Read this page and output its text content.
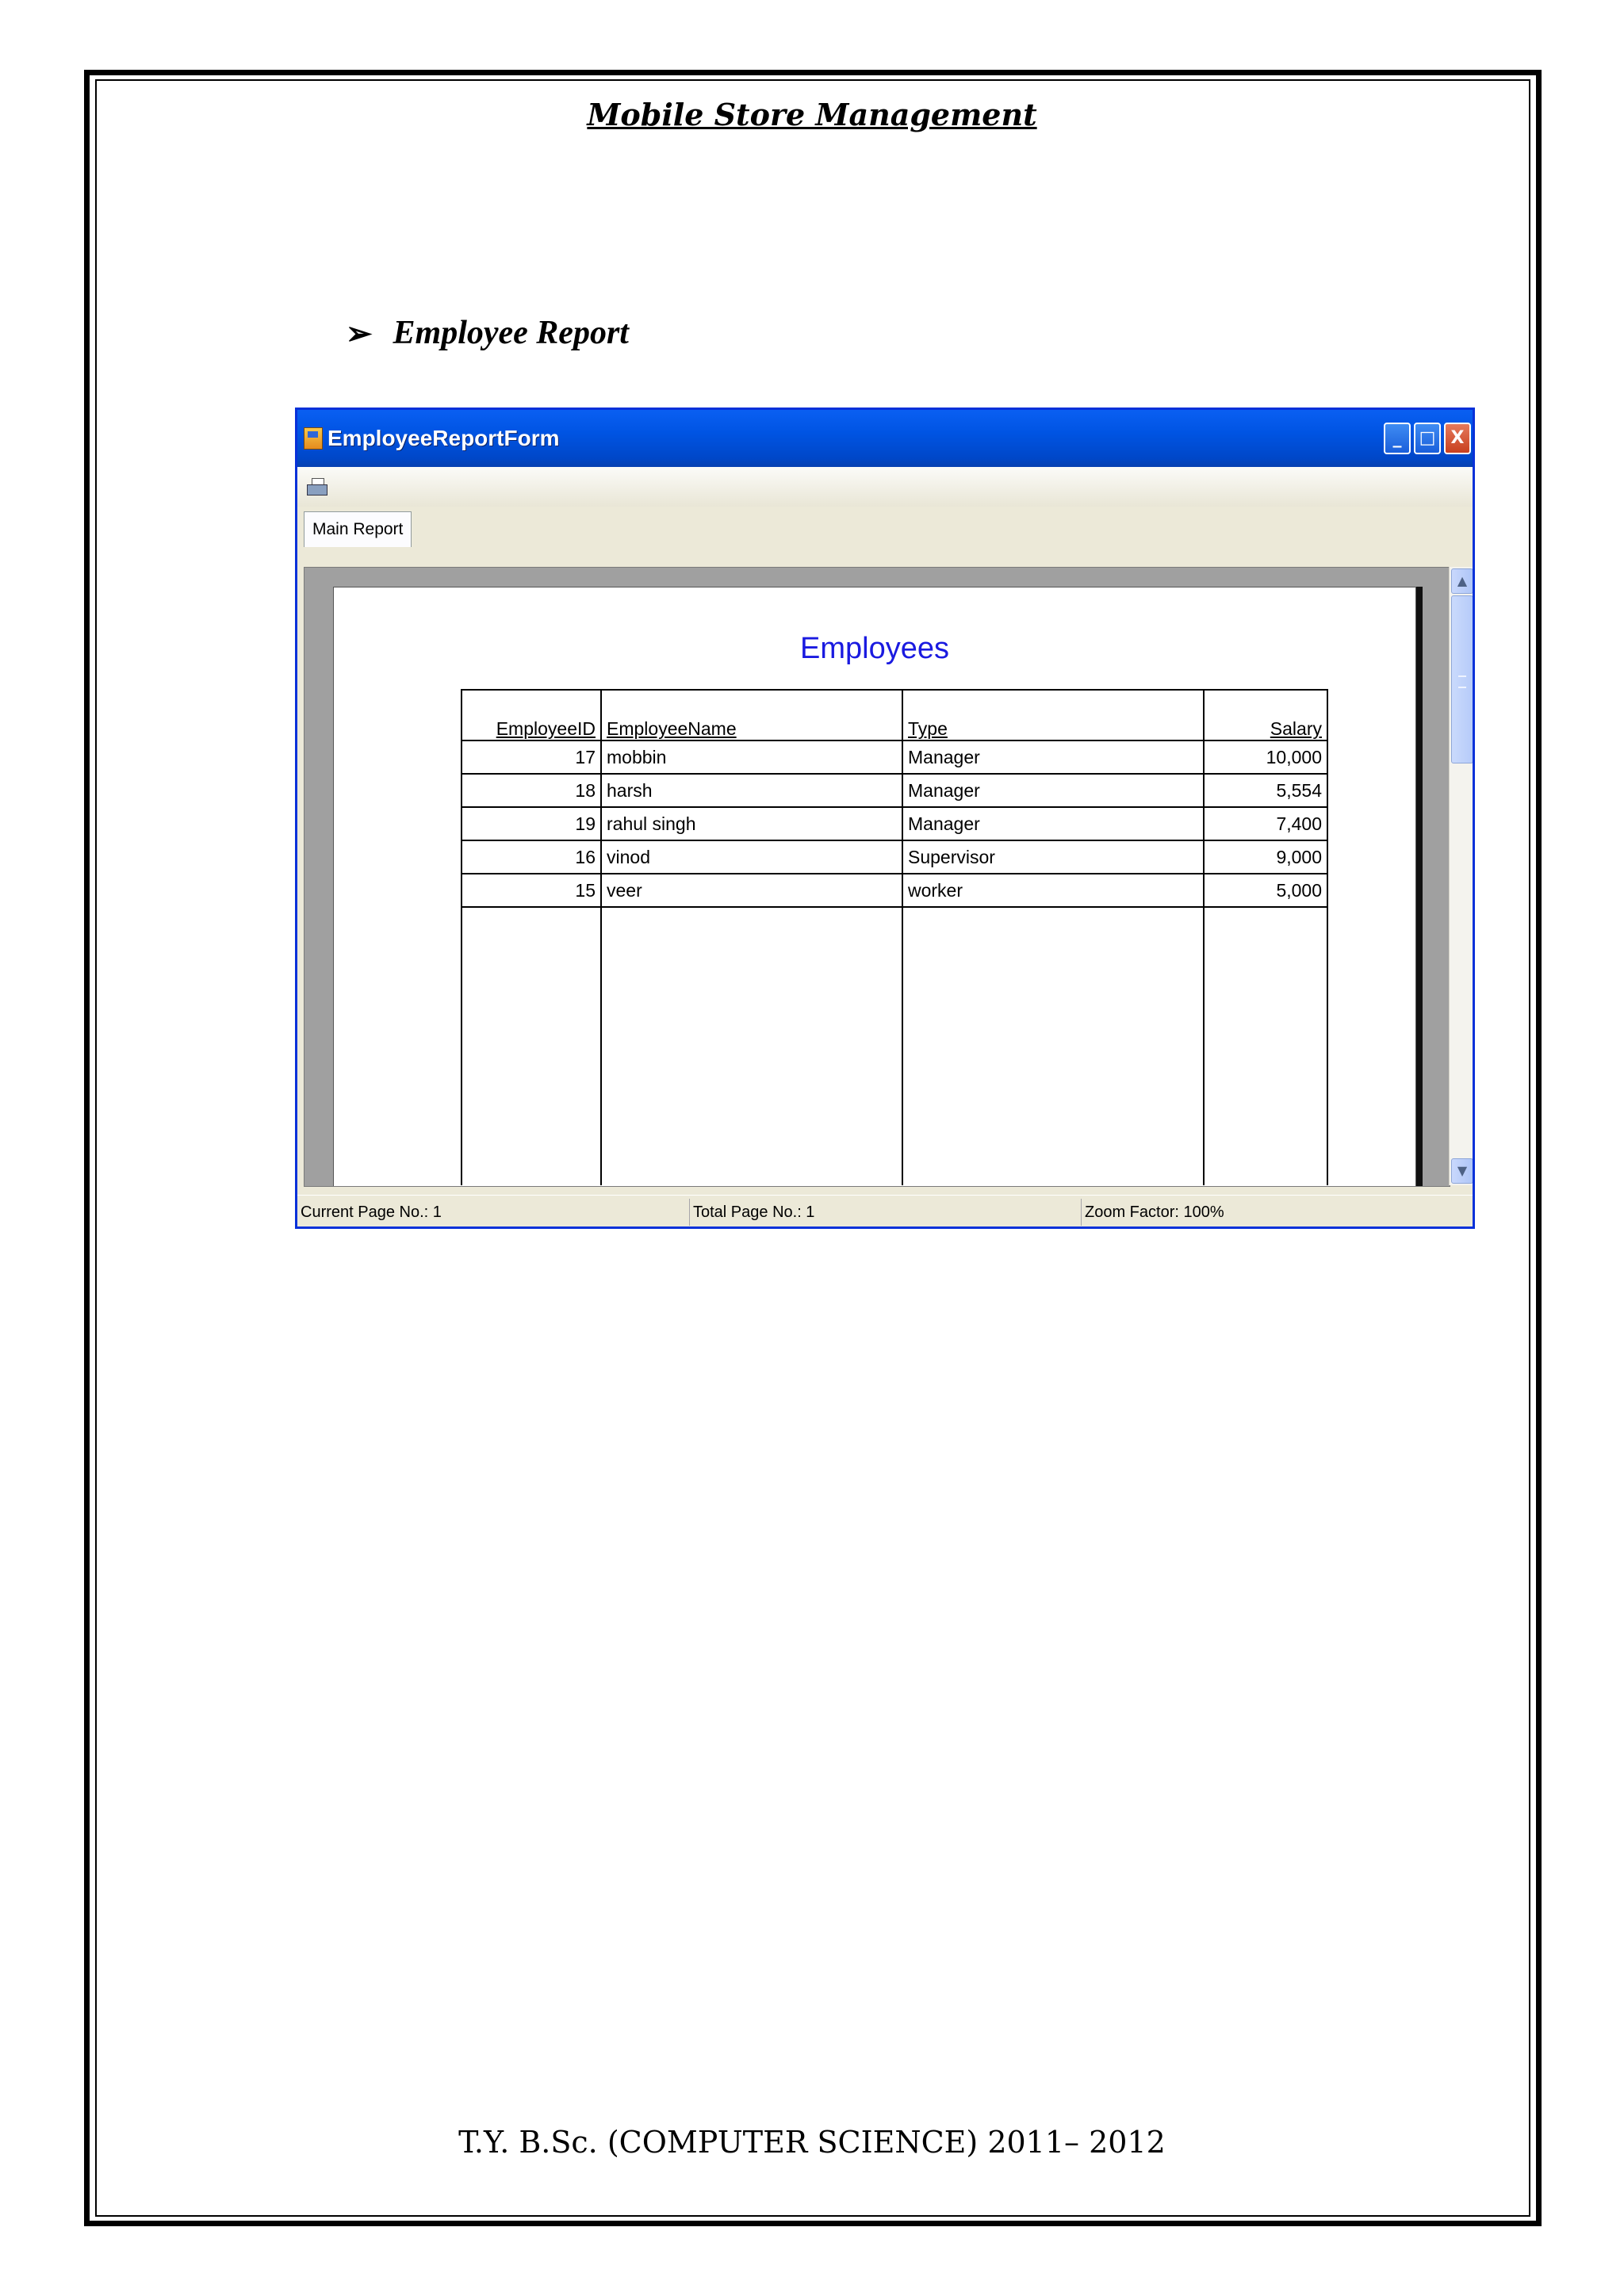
Mobile Store Management
➢ Employee Report
EmployeeReportForm	_	□ X
Main Report
Employees
EmployeeID	EmployeeName	Type	Salary
17	mobbin	Manager	10,000
18	harsh	Manager	5,554
19	rahul singh	Manager	7,400
16	vinod	Supervisor	9,000
15	veer	worker	5,000

▲
▼
Current Page No.: 1	Total Page No.: 1	Zoom Factor: 100%
T.Y. B.Sc. (COMPUTER SCIENCE) 2011– 2012
